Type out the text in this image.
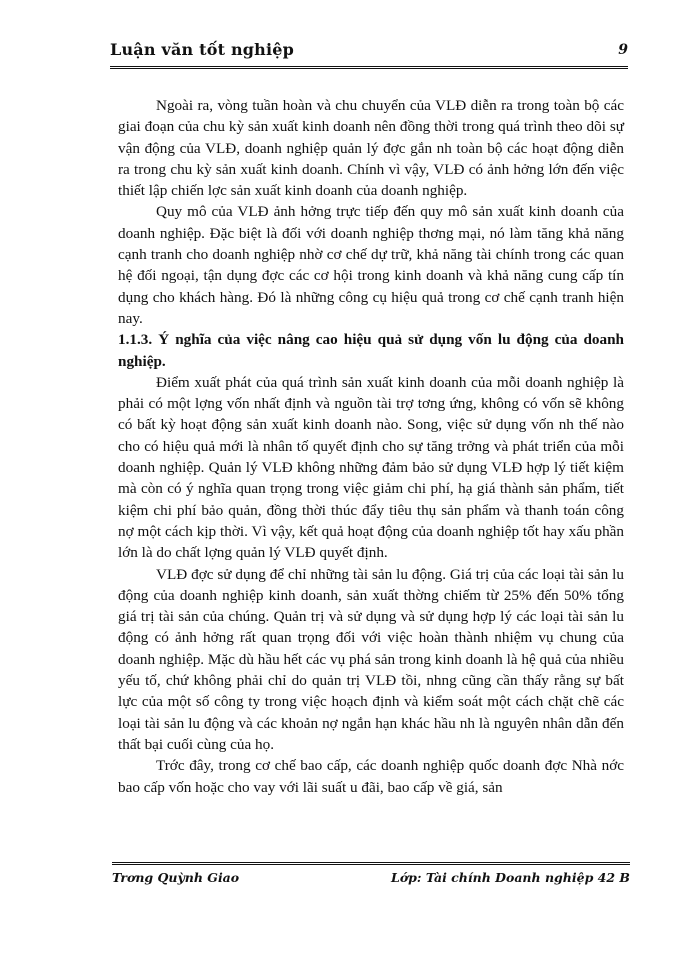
Luận văn tốt nghiệp	9

Ngoài ra, vòng tuần hoàn và chu chuyển của VLĐ diễn ra trong toàn bộ các giai đoạn của chu kỳ sản xuất kinh doanh nên đồng thời trong quá trình theo dõi sự vận động của VLĐ, doanh nghiệp quản lý đợc gắn nh toàn bộ các hoạt động diễn ra trong chu kỳ sản xuất kinh doanh. Chính vì vậy, VLĐ có ảnh hởng lớn đến việc thiết lập chiến lợc sản xuất kinh doanh của doanh nghiệp.

Quy mô của VLĐ ảnh hởng trực tiếp đến quy mô sản xuất kinh doanh của doanh nghiệp. Đặc biệt là đối với doanh nghiệp thơng mại, nó làm tăng khả năng cạnh tranh cho doanh nghiệp nhờ cơ chế dự trữ, khả năng tài chính trong các quan hệ đối ngoại, tận dụng đợc các cơ hội trong kinh doanh và khả năng cung cấp tín dụng cho khách hàng. Đó là những công cụ hiệu quả trong cơ chế cạnh tranh hiện nay.

1.1.3. Ý nghĩa của việc nâng cao hiệu quả sử dụng vốn lu động của doanh nghiệp.

Điểm xuất phát của quá trình sản xuất kinh doanh của mỗi doanh nghiệp là phải có một lợng vốn nhất định và nguồn tài trợ tơng ứng, không có vốn sẽ không có bất kỳ hoạt động sản xuất kinh doanh nào. Song, việc sử dụng vốn nh thế nào cho có hiệu quả mới là nhân tố quyết định cho sự tăng trởng và phát triển của mỗi doanh nghiệp. Quản lý VLĐ không những đảm bảo sử dụng VLĐ hợp lý tiết kiệm mà còn có ý nghĩa quan trọng trong việc giảm chi phí, hạ giá thành sản phẩm, tiết kiệm chi phí bảo quản, đồng thời thúc đẩy tiêu thụ sản phẩm và thanh toán công nợ một cách kịp thời. Vì vậy, kết quả hoạt động của doanh nghiệp tốt hay xấu phần lớn là do chất lợng quản lý VLĐ quyết định.

VLĐ đợc sử dụng để chỉ những tài sản lu động. Giá trị của các loại tài sản lu động của doanh nghiệp kinh doanh, sản xuất thờng chiếm từ 25% đến 50% tổng giá trị tài sản của chúng. Quản trị và sử dụng và sử dụng hợp lý các loại tài sản lu động có ảnh hởng rất quan trọng đối với việc hoàn thành nhiệm vụ chung của doanh nghiệp. Mặc dù hầu hết các vụ phá sản trong kinh doanh là hệ quả của nhiều yếu tố, chứ không phải chỉ do quản trị VLĐ tồi, nhng cũng cần thấy rằng sự bất lực của một số công ty trong việc hoạch định và kiểm soát một cách chặt chẽ các loại tài sản lu động và các khoản nợ ngắn hạn khác hầu nh là nguyên nhân dẫn đến thất bại cuối cùng của họ.

Trớc đây, trong cơ chế bao cấp, các doanh nghiệp quốc doanh đợc Nhà nớc bao cấp vốn hoặc cho vay với lãi suất u đãi, bao cấp về giá, sản

Trơng Quỳnh Giao	Lớp: Tài chính Doanh nghiệp 42 B
